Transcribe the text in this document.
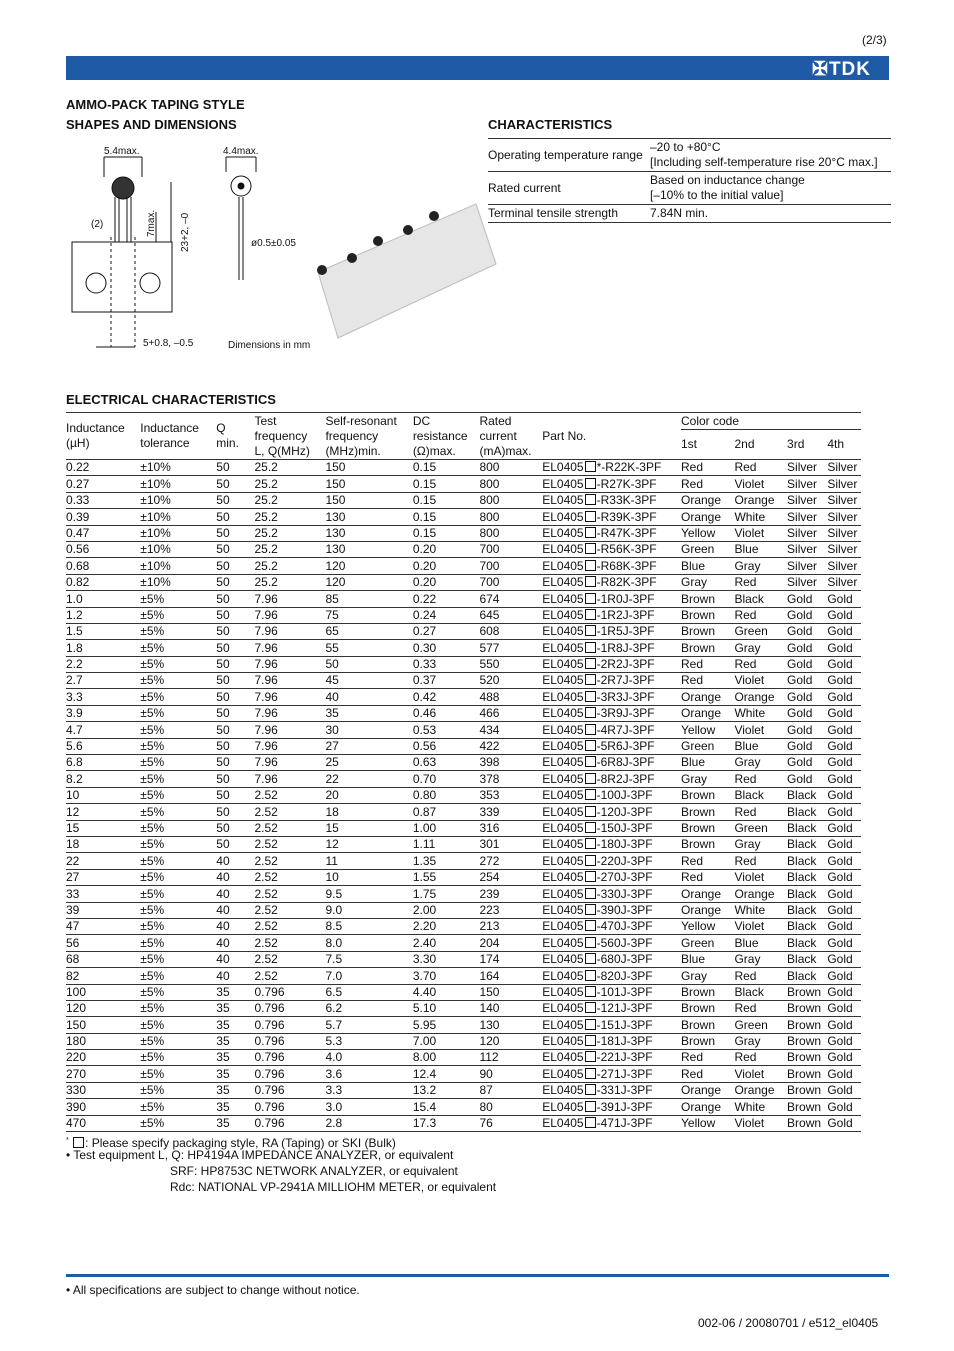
(2/3)
✠TDK
AMMO-PACK TAPING STYLE
SHAPES AND DIMENSIONS	CHARACTERISTICS
5.4max.
(2)	7max. 23+2, –0
5+0.8, –0.5
4.4max.
ø0.5±0.05
Dimensions in mm
Operating temperature range	–20 to +80°C
[Including self-temperature rise 20°C max.]

Rated current	Based on inductance change
[–10% to the initial value]

Terminal tensile strength	7.84N min.
ELECTRICAL CHARACTERISTICS
Inductance
(µH)	Inductance
tolerance	Q
min.	Test
frequency
L, Q(MHz)	Self-resonant
frequency
(MHz)min.	DC
resistance
(Ω)max.	Rated
current
(mA)max.	Part No.	Color code			
								1st	2nd	3rd	4th
0.22	±10%	50	25.2	150	0.15	800	EL0405 *-R22K-3PF	Red	Red	Silver	Silver
0.27	±10%	50	25.2	150	0.15	800	EL0405 -R27K-3PF	Red	Violet	Silver	Silver
0.33	±10%	50	25.2	150	0.15	800	EL0405 -R33K-3PF	Orange	Orange	Silver	Silver
0.39	±10%	50	25.2	130	0.15	800	EL0405 -R39K-3PF	Orange	White	Silver	Silver
0.47	±10%	50	25.2	130	0.15	800	EL0405 -R47K-3PF	Yellow	Violet	Silver	Silver
0.56	±10%	50	25.2	130	0.20	700	EL0405 -R56K-3PF	Green	Blue	Silver	Silver
0.68	±10%	50	25.2	120	0.20	700	EL0405 -R68K-3PF	Blue	Gray	Silver	Silver
0.82	±10%	50	25.2	120	0.20	700	EL0405 -R82K-3PF	Gray	Red	Silver	Silver
1.0	±5%	50	7.96	85	0.22	674	EL0405 -1R0J-3PF	Brown	Black	Gold	Gold
1.2	±5%	50	7.96	75	0.24	645	EL0405 -1R2J-3PF	Brown	Red	Gold	Gold
1.5	±5%	50	7.96	65	0.27	608	EL0405 -1R5J-3PF	Brown	Green	Gold	Gold
1.8	±5%	50	7.96	55	0.30	577	EL0405 -1R8J-3PF	Brown	Gray	Gold	Gold
2.2	±5%	50	7.96	50	0.33	550	EL0405 -2R2J-3PF	Red	Red	Gold	Gold
2.7	±5%	50	7.96	45	0.37	520	EL0405 -2R7J-3PF	Red	Violet	Gold	Gold
3.3	±5%	50	7.96	40	0.42	488	EL0405 -3R3J-3PF	Orange	Orange	Gold	Gold
3.9	±5%	50	7.96	35	0.46	466	EL0405 -3R9J-3PF	Orange	White	Gold	Gold
4.7	±5%	50	7.96	30	0.53	434	EL0405 -4R7J-3PF	Yellow	Violet	Gold	Gold
5.6	±5%	50	7.96	27	0.56	422	EL0405 -5R6J-3PF	Green	Blue	Gold	Gold
6.8	±5%	50	7.96	25	0.63	398	EL0405 -6R8J-3PF	Blue	Gray	Gold	Gold
8.2	±5%	50	7.96	22	0.70	378	EL0405 -8R2J-3PF	Gray	Red	Gold	Gold
10	±5%	50	2.52	20	0.80	353	EL0405 -100J-3PF	Brown	Black	Black	Gold
12	±5%	50	2.52	18	0.87	339	EL0405 -120J-3PF	Brown	Red	Black	Gold
15	±5%	50	2.52	15	1.00	316	EL0405 -150J-3PF	Brown	Green	Black	Gold
18	±5%	50	2.52	12	1.11	301	EL0405 -180J-3PF	Brown	Gray	Black	Gold
22	±5%	40	2.52	11	1.35	272	EL0405 -220J-3PF	Red	Red	Black	Gold
27	±5%	40	2.52	10	1.55	254	EL0405 -270J-3PF	Red	Violet	Black	Gold
33	±5%	40	2.52	9.5	1.75	239	EL0405 -330J-3PF	Orange	Orange	Black	Gold
39	±5%	40	2.52	9.0	2.00	223	EL0405 -390J-3PF	Orange	White	Black	Gold
47	±5%	40	2.52	8.5	2.20	213	EL0405 -470J-3PF	Yellow	Violet	Black	Gold
56	±5%	40	2.52	8.0	2.40	204	EL0405 -560J-3PF	Green	Blue	Black	Gold
68	±5%	40	2.52	7.5	3.30	174	EL0405 -680J-3PF	Blue	Gray	Black	Gold
82	±5%	40	2.52	7.0	3.70	164	EL0405 -820J-3PF	Gray	Red	Black	Gold
100	±5%	35	0.796	6.5	4.40	150	EL0405 -101J-3PF	Brown	Black	Brown	Gold
120	±5%	35	0.796	6.2	5.10	140	EL0405 -121J-3PF	Brown	Red	Brown	Gold
150	±5%	35	0.796	5.7	5.95	130	EL0405 -151J-3PF	Brown	Green	Brown	Gold
180	±5%	35	0.796	5.3	7.00	120	EL0405 -181J-3PF	Brown	Gray	Brown	Gold
220	±5%	35	0.796	4.0	8.00	112	EL0405 -221J-3PF	Red	Red	Brown	Gold
270	±5%	35	0.796	3.6	12.4	90	EL0405 -271J-3PF	Red	Violet	Brown	Gold
330	±5%	35	0.796	3.3	13.2	87	EL0405 -331J-3PF	Orange	Orange	Brown	Gold
390	±5%	35	0.796	3.0	15.4	80	EL0405 -391J-3PF	Orange	White	Brown	Gold
470	±5%	35	0.796	2.8	17.3	76	EL0405 -471J-3PF	Yellow	Violet	Brown	Gold
* : Please specify packaging style, RA (Taping) or SKI (Bulk)
• Test equipment L, Q: HP4194A IMPEDANCE ANALYZER, or equivalent
SRF: HP8753C NETWORK ANALYZER, or equivalent
Rdc: NATIONAL VP-2941A MILLIOHM METER, or equivalent
• All specifications are subject to change without notice.
002-06 / 20080701 / e512_el0405
